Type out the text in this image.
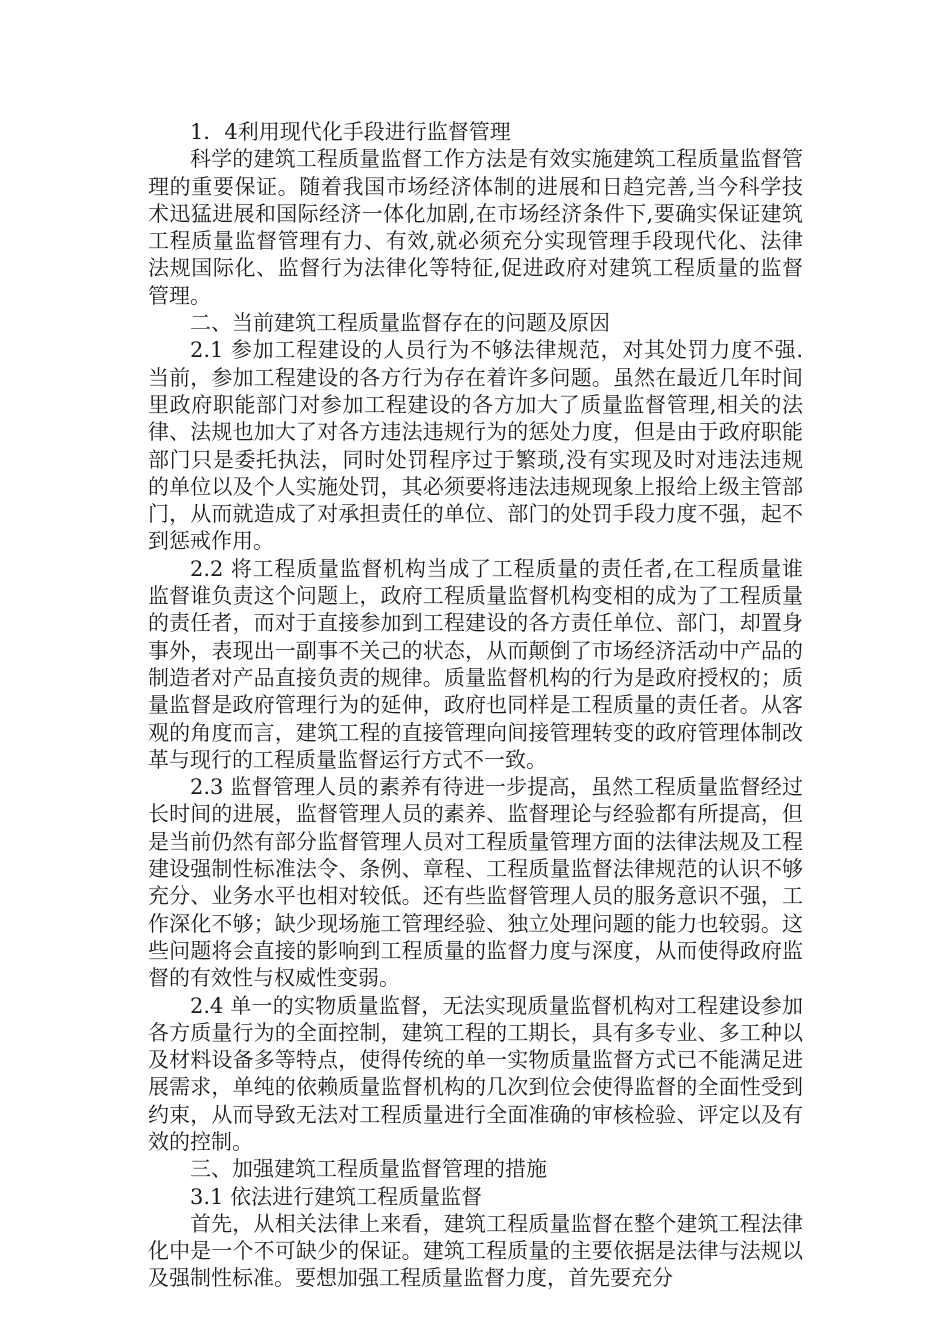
1．4利用现代化手段进行监督管理

科学的建筑工程质量监督工作方法是有效实施建筑工程质量监督管理的重要保证。随着我国市场经济体制的进展和日趋完善,当今科学技术迅猛进展和国际经济一体化加剧,在市场经济条件下,要确实保证建筑工程质量监督管理有力、有效,就必须充分实现管理手段现代化、法律法规国际化、监督行为法律化等特征,促进政府对建筑工程质量的监督管理。

二、当前建筑工程质量监督存在的问题及原因

2.1 参加工程建设的人员行为不够法律规范，对其处罚力度不强.当前，参加工程建设的各方行为存在着许多问题。虽然在最近几年时间里政府职能部门对参加工程建设的各方加大了质量监督管理,相关的法律、法规也加大了对各方违法违规行为的惩处力度，但是由于政府职能部门只是委托执法，同时处罚程序过于繁琐,没有实现及时对违法违规的单位以及个人实施处罚，其必须要将违法违规现象上报给上级主管部门，从而就造成了对承担责任的单位、部门的处罚手段力度不强，起不到惩戒作用。

2.2 将工程质量监督机构当成了工程质量的责任者,在工程质量谁监督谁负责这个问题上，政府工程质量监督机构变相的成为了工程质量的责任者，而对于直接参加到工程建设的各方责任单位、部门，却置身事外，表现出一副事不关己的状态，从而颠倒了市场经济活动中产品的制造者对产品直接负责的规律。质量监督机构的行为是政府授权的；质量监督是政府管理行为的延伸，政府也同样是工程质量的责任者。从客观的角度而言，建筑工程的直接管理向间接管理转变的政府管理体制改革与现行的工程质量监督运行方式不一致。

2.3 监督管理人员的素养有待进一步提高，虽然工程质量监督经过长时间的进展，监督管理人员的素养、监督理论与经验都有所提高，但是当前仍然有部分监督管理人员对工程质量管理方面的法律法规及工程建设强制性标准法令、条例、章程、工程质量监督法律规范的认识不够充分、业务水平也相对较低。还有些监督管理人员的服务意识不强，工作深化不够；缺少现场施工管理经验、独立处理问题的能力也较弱。这些问题将会直接的影响到工程质量的监督力度与深度，从而使得政府监督的有效性与权威性变弱。

2.4 单一的实物质量监督，无法实现质量监督机构对工程建设参加各方质量行为的全面控制，建筑工程的工期长，具有多专业、多工种以及材料设备多等特点，使得传统的单一实物质量监督方式已不能满足进展需求，单纯的依赖质量监督机构的几次到位会使得监督的全面性受到约束，从而导致无法对工程质量进行全面准确的审核检验、评定以及有效的控制。

三、加强建筑工程质量监督管理的措施

3.1 依法进行建筑工程质量监督

首先，从相关法律上来看，建筑工程质量监督在整个建筑工程法律化中是一个不可缺少的保证。建筑工程质量的主要依据是法律与法规以及强制性标准。要想加强工程质量监督力度，首先要充分
